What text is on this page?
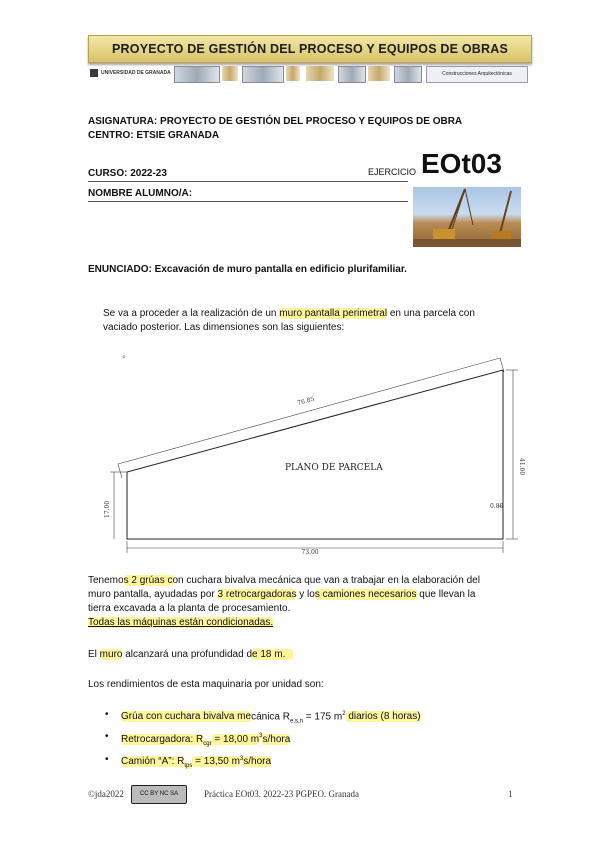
PROYECTO DE GESTIÓN DEL PROCESO Y EQUIPOS DE OBRAS
UNIVERSIDAD DE GRANADA	Construcciones Arquitectónicas
ASIGNATURA: PROYECTO DE GESTIÓN DEL PROCESO Y EQUIPOS DE OBRA
CENTRO: ETSIE GRANADA
CURSO: 2022-23	EJERCICIO EOt03
NOMBRE ALUMNO/A:
ENUNCIADO: Excavación de muro pantalla en edificio plurifamiliar.
Se va a proceder a la realización de un muro pantalla perimetral en una parcela con
vaciado posterior. Las dimensiones son las siguientes:
⌕
76.85
41.00
17.00
73.00
0.80
PLANO DE PARCELA
Tenemos 2 grúas con cuchara bivalva mecánica que van a trabajar en la elaboración del
muro pantalla, ayudadas por 3 retrocargadoras y los camiones necesarios que llevan la
tierra excavada a la planta de procesamiento.
Todas las máquinas están condicionadas.
El muro alcanzará una profundidad de 18 m.
Los rendimientos de esta maquinaria por unidad son:
• Grúa con cuchara bivalva mecánica $R_{e,s,n} = 175$ $m^2$ diarios (8 horas)
• Retrocargadora: $R_{cgr} = 18,00$ $m^3s$/hora
• Camión “A”: $R_{tps} = 13,50$ $m^3s$/hora
©jda2022	CC BY NC SA	Práctica EOt03. 2022-23 PGPEO. Granada	1
